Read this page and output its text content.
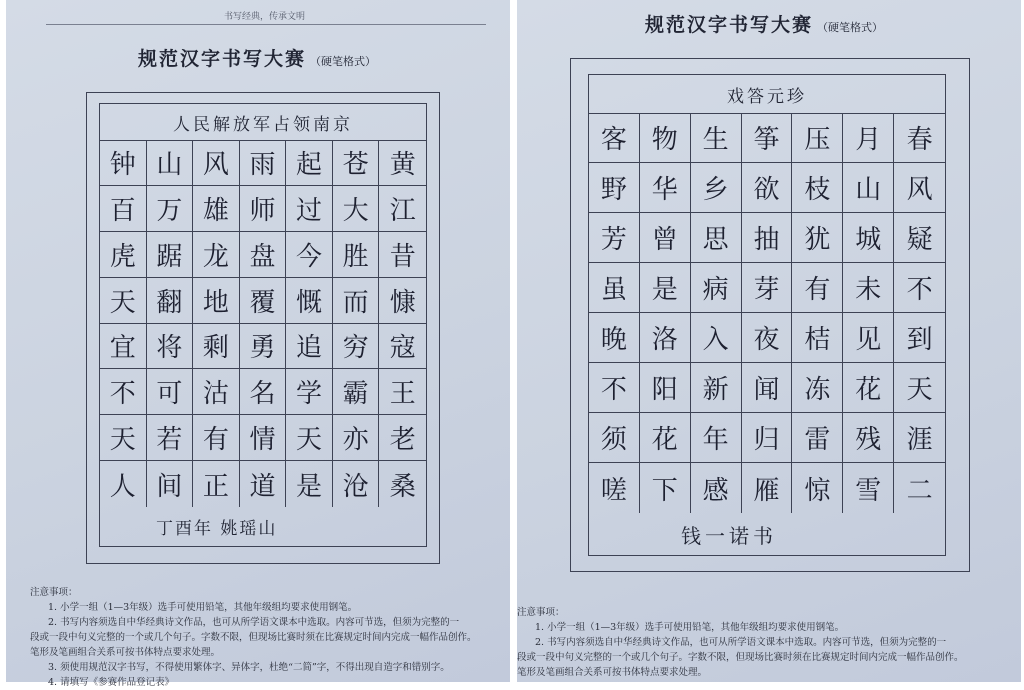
书写经典，传承文明
规范汉字书写大赛 （硬笔格式）
人民解放军占领南京
钟 山 风 雨 起 苍 黄
百 万 雄 师 过 大 江
虎 踞 龙 盘 今 胜 昔
天 翻 地 覆 慨 而 慷
宜 将 剩 勇 追 穷 寇
不 可 沽 名 学 霸 王
天 若 有 情 天 亦 老
人 间 正 道 是 沧 桑
丁酉年 姚瑶山

注意事项：

1. 小学一组（1—3年级）选手可使用铅笔，其他年级组均要求使用钢笔。

2. 书写内容须选自中华经典诗文作品，也可从所学语文课本中选取。内容可节选，但须为完整的一

段或一段中句义完整的一个或几个句子。字数不限，但现场比赛时须在比赛规定时间内完成一幅作品创作。

笔形及笔画组合关系可按书体特点要求处理。

3. 须使用规范汉字书写，不得使用繁体字、异体字，杜绝“二简”字，不得出现自造字和错别字。

4. 请填写《参赛作品登记表》

规范汉字书写大赛 （硬笔格式）
戏答元珍
客 物 生 筝 压 月 春
野 华 乡 欲 枝 山 风
芳 曾 思 抽 犹 城 疑
虽 是 病 芽 有 未 不
晚 洛 入 夜 桔 见 到
不 阳 新 闻 冻 花 天
须 花 年 归 雷 残 涯
嗟 下 感 雁 惊 雪 二
钱一诺书

注意事项：

1. 小学一组（1—3年级）选手可使用铅笔，其他年级组均要求使用钢笔。

2. 书写内容须选自中华经典诗文作品，也可从所学语文课本中选取。内容可节选，但须为完整的一

段或一段中句义完整的一个或几个句子。字数不限，但现场比赛时须在比赛规定时间内完成一幅作品创作。

笔形及笔画组合关系可按书体特点要求处理。
